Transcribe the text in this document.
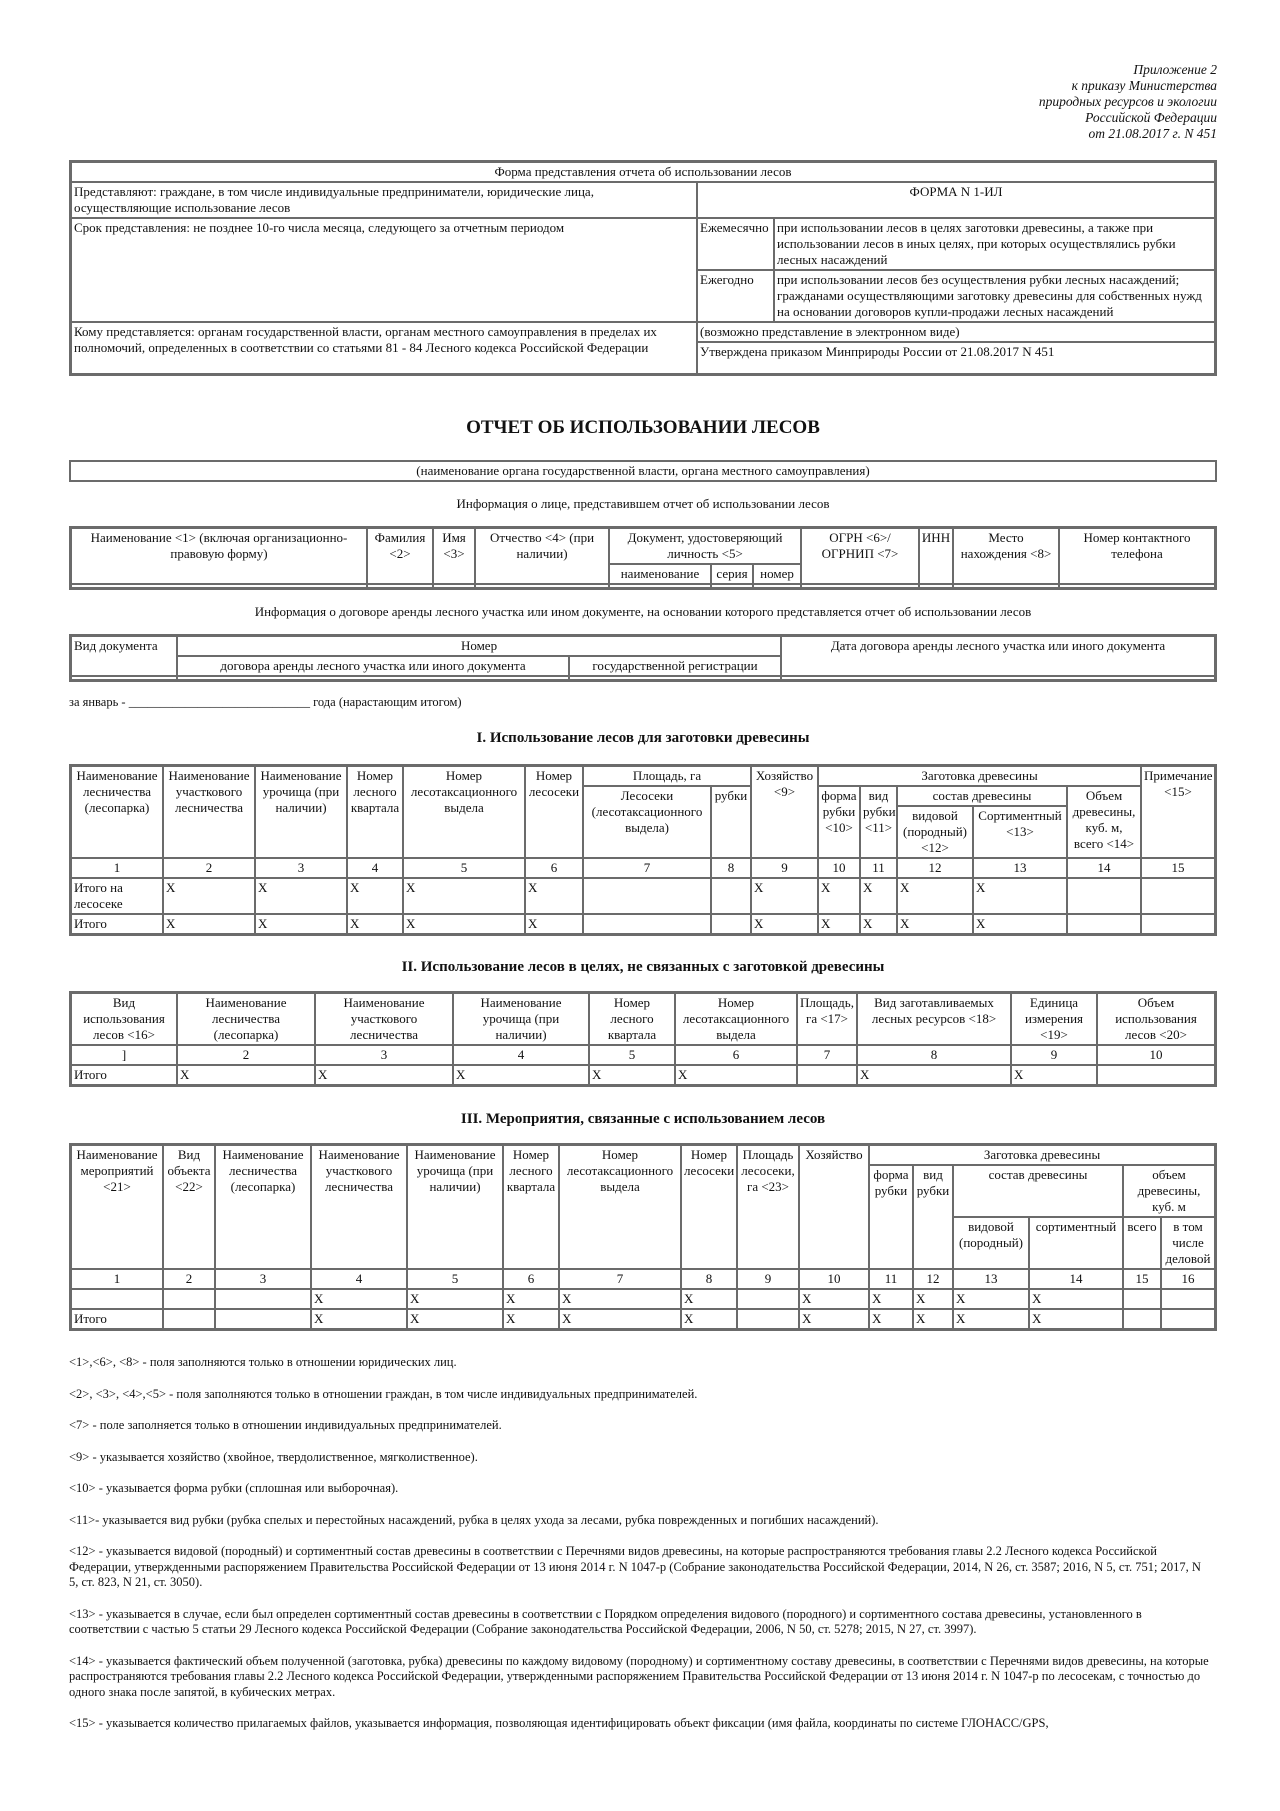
Приложение 2
к приказу Министерства
природных ресурсов и экологии
Российской Федерации
от 21.08.2017 г. N 451
Форма представления отчета об использовании лесов		
Представляют: граждане, в том числе индивидуальные предприниматели, юридические лица, осуществляющие использование лесов	ФОРМА N 1-ИЛ	
Срок представления: не позднее 10-го числа месяца, следующего за отчетным периодом	Ежемесячно	при использовании лесов в целях заготовки древесины, а также при использовании лесов в иных целях, при которых осуществлялись рубки лесных насаждений
	Ежегодно	при использовании лесов без осуществления рубки лесных насаждений;
гражданами осуществляющими заготовку древесины для собственных нужд на основании договоров купли-продажи лесных насаждений

Кому представляется: органам государственной власти, органам местного самоуправления в пределах их полномочий, определенных в соответствии со статьями 81 - 84 Лесного кодекса Российской Федерации	(возможно представление в электронном виде)	
	Утверждена приказом Минприроды России от 21.08.2017 N 451	
ОТЧЕТ ОБ ИСПОЛЬЗОВАНИИ ЛЕСОВ
(наименование органа государственной власти, органа местного самоуправления)
Информация о лице, представившем отчет об использовании лесов
Наименование <1> (включая организационно-правовую форму)	Фамилия <2>	Имя <3>	Отчество <4> (при наличии)	Документ, удостоверяющий личность <5>			ОГРН <6>/ ОГРНИП <7>	ИНН	Место нахождения <8>	Номер контактного телефона
				наименование	серия	номер				

Информация о договоре аренды лесного участка или ином документе, на основании которого представляется отчет об использовании лесов
Вид документа	Номер		Дата договора аренды лесного участка или иного документа
	договора аренды лесного участка или иного документа	государственной регистрации	

за январь - _____________________________ года (нарастающим итогом)
I. Использование лесов для заготовки древесины
Наименование лесничества (лесопарка)	Наименование участкового лесничества	Наименование урочища (при наличии)	Номер лесного квартала	Номер лесотаксационного выдела	Номер лесосеки	Площадь, га		Хозяйство <9>	Заготовка древесины					Примечание <15>
						Лесосеки (лесотаксационного выдела)	рубки		форма рубки <10>	вид рубки <11>	состав древесины		Объем древесины, куб. м, всего <14>	
											видовой (породный) <12>	Сортиментный <13>		
1	2	3	4	5	6	7	8	9	10	11	12	13	14	15
Итого на лесосеке	X	X	X	X	X			X	X	X	X	X		
Итого	X	X	X	X	X			X	X	X	X	X		
II. Использование лесов в целях, не связанных с заготовкой древесины
Вид использования лесов <16>	Наименование лесничества (лесопарка)	Наименование участкового лесничества	Наименование урочища (при наличии)	Номер лесного квартала	Номер лесотаксационного выдела	Площадь, га <17>	Вид заготавливаемых лесных ресурсов <18>	Единица измерения <19>	Объем использования лесов <20>
]	2	3	4	5	6	7	8	9	10
Итого	X	X	X	X	X		X	X	
III. Мероприятия, связанные с использованием лесов
Наименование мероприятий <21>	Вид объекта <22>	Наименование лесничества (лесопарка)	Наименование участкового лесничества	Наименование урочища (при наличии)	Номер лесного квартала	Номер лесотаксационного выдела	Номер лесосеки	Площадь лесосеки, га <23>	Хозяйство	Заготовка древесины					
										форма рубки	вид рубки	состав древесины		объем древесины, куб. м	
												видовой (породный)	сортиментный	всего	в том числе деловой
1	2	3	4	5	6	7	8	9	10	11	12	13	14	15	16
			X	X	X	X	X		X	X	X	X	X		
Итого			X	X	X	X	X		X	X	X	X	X		

<1>,<6>, <8> - поля заполняются только в отношении юридических лиц.

<2>, <3>, <4>,<5> - поля заполняются только в отношении граждан, в том числе индивидуальных предпринимателей.

<7> - поле заполняется только в отношении индивидуальных предпринимателей.

<9> - указывается хозяйство (хвойное, твердолиственное, мягколиственное).

<10> - указывается форма рубки (сплошная или выборочная).

<11>- указывается вид рубки (рубка спелых и перестойных насаждений, рубка в целях ухода за лесами, рубка поврежденных и погибших насаждений).

<12> - указывается видовой (породный) и сортиментный состав древесины в соответствии с Перечнями видов древесины, на которые распространяются требования главы 2.2 Лесного кодекса Российской Федерации, утвержденными распоряжением Правительства Российской Федерации от 13 июня 2014 г. N 1047-р (Собрание законодательства Российской Федерации, 2014, N 26, ст. 3587; 2016, N 5, ст. 751; 2017, N 5, ст. 823, N 21, ст. 3050).

<13> - указывается в случае, если был определен сортиментный состав древесины в соответствии с Порядком определения видового (породного) и сортиментного состава древесины, установленного в соответствии с частью 5 статьи 29 Лесного кодекса Российской Федерации (Собрание законодательства Российской Федерации, 2006, N 50, ст. 5278; 2015, N 27, ст. 3997).

<14> - указывается фактический объем полученной (заготовка, рубка) древесины по каждому видовому (породному) и сортиментному составу древесины, в соответствии с Перечнями видов древесины, на которые распространяются требования главы 2.2 Лесного кодекса Российской Федерации, утвержденными распоряжением Правительства Российской Федерации от 13 июня 2014 г. N 1047-р по лесосекам, с точностью до одного знака после запятой, в кубических метрах.

<15> - указывается количество прилагаемых файлов, указывается информация, позволяющая идентифицировать объект фиксации (имя файла, координаты по системе ГЛОНАСС/GPS,
